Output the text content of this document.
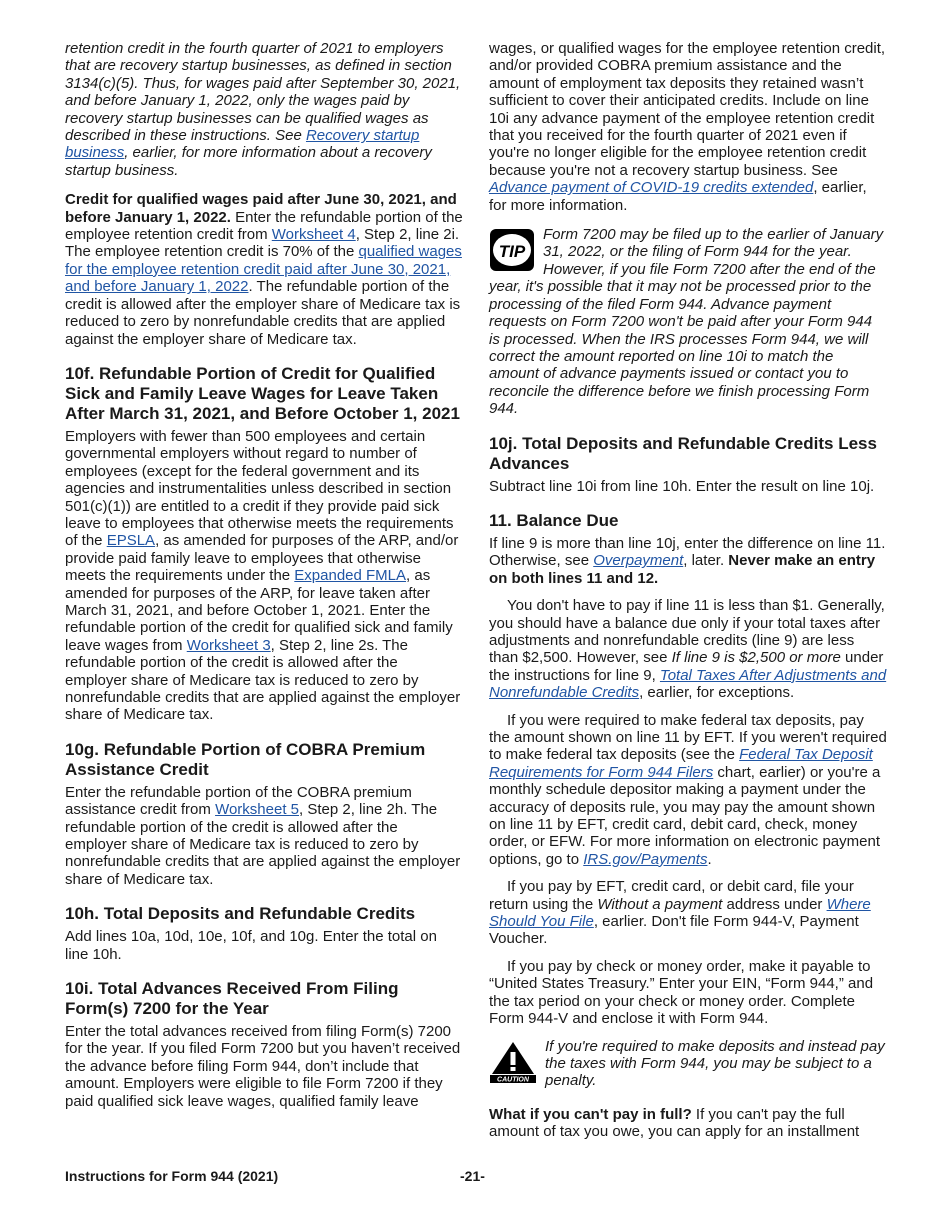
retention credit in the fourth quarter of 2021 to employers that are recovery startup businesses, as defined in section 3134(c)(5). Thus, for wages paid after September 30, 2021, and before January 1, 2022, only the wages paid by recovery startup businesses can be qualified wages as described in these instructions. See Recovery startup business, earlier, for more information about a recovery startup business.

Credit for qualified wages paid after June 30, 2021, and before January 1, 2022. Enter the refundable portion of the employee retention credit from Worksheet 4, Step 2, line 2i. The employee retention credit is 70% of the qualified wages for the employee retention credit paid after June 30, 2021, and before January 1, 2022. The refundable portion of the credit is allowed after the employer share of Medicare tax is reduced to zero by nonrefundable credits that are applied against the employer share of Medicare tax.

10f. Refundable Portion of Credit for Qualified Sick and Family Leave Wages for Leave Taken After March 31, 2021, and Before October 1, 2021

Employers with fewer than 500 employees and certain governmental employers without regard to number of employees (except for the federal government and its agencies and instrumentalities unless described in section 501(c)(1)) are entitled to a credit if they provide paid sick leave to employees that otherwise meets the requirements of the EPSLA, as amended for purposes of the ARP, and/or provide paid family leave to employees that otherwise meets the requirements under the Expanded FMLA, as amended for purposes of the ARP, for leave taken after March 31, 2021, and before October 1, 2021. Enter the refundable portion of the credit for qualified sick and family leave wages from Worksheet 3, Step 2, line 2s. The refundable portion of the credit is allowed after the employer share of Medicare tax is reduced to zero by nonrefundable credits that are applied against the employer share of Medicare tax.

10g. Refundable Portion of COBRA Premium Assistance Credit

Enter the refundable portion of the COBRA premium assistance credit from Worksheet 5, Step 2, line 2h. The refundable portion of the credit is allowed after the employer share of Medicare tax is reduced to zero by nonrefundable credits that are applied against the employer share of Medicare tax.

10h. Total Deposits and Refundable Credits

Add lines 10a, 10d, 10e, 10f, and 10g. Enter the total on line 10h.

10i. Total Advances Received From Filing Form(s) 7200 for the Year

Enter the total advances received from filing Form(s) 7200 for the year. If you filed Form 7200 but you haven’t received the advance before filing Form 944, don’t include that amount. Employers were eligible to file Form 7200 if they paid qualified sick leave wages, qualified family leave

wages, or qualified wages for the employee retention credit, and/or provided COBRA premium assistance and the amount of employment tax deposits they retained wasn’t sufficient to cover their anticipated credits. Include on line 10i any advance payment of the employee retention credit that you received for the fourth quarter of 2021 even if you're no longer eligible for the employee retention credit because you're not a recovery startup business. See Advance payment of COVID-19 credits extended, earlier, for more information.

TIP
Form 7200 may be filed up to the earlier of January 31, 2022, or the filing of Form 944 for the year. However, if you file Form 7200 after the end of the year, it's possible that it may not be processed prior to the processing of the filed Form 944. Advance payment requests on Form 7200 won't be paid after your Form 944 is processed. When the IRS processes Form 944, we will correct the amount reported on line 10i to match the amount of advance payments issued or contact you to reconcile the difference before we finish processing Form 944.
10j. Total Deposits and Refundable Credits Less Advances

Subtract line 10i from line 10h. Enter the result on line 10j.

11. Balance Due

If line 9 is more than line 10j, enter the difference on line 11. Otherwise, see Overpayment, later. Never make an entry on both lines 11 and 12.

You don't have to pay if line 11 is less than $1. Generally, you should have a balance due only if your total taxes after adjustments and nonrefundable credits (line 9) are less than $2,500. However, see If line 9 is $2,500 or more under the instructions for line 9, Total Taxes After Adjustments and Nonrefundable Credits, earlier, for exceptions.

If you were required to make federal tax deposits, pay the amount shown on line 11 by EFT. If you weren't required to make federal tax deposits (see the Federal Tax Deposit Requirements for Form 944 Filers chart, earlier) or you're a monthly schedule depositor making a payment under the accuracy of deposits rule, you may pay the amount shown on line 11 by EFT, credit card, debit card, check, money order, or EFW. For more information on electronic payment options, go to IRS.gov/Payments.

If you pay by EFT, credit card, or debit card, file your return using the Without a payment address under Where Should You File, earlier. Don't file Form 944-V, Payment Voucher.

If you pay by check or money order, make it payable to “United States Treasury.” Enter your EIN, “Form 944,” and the tax period on your check or money order. Complete Form 944-V and enclose it with Form 944.

CAUTION
If you're required to make deposits and instead pay the taxes with Form 944, you may be subject to a penalty.

What if you can't pay in full? If you can't pay the full amount of tax you owe, you can apply for an installment

Instructions for Form 944 (2021)	-21-
